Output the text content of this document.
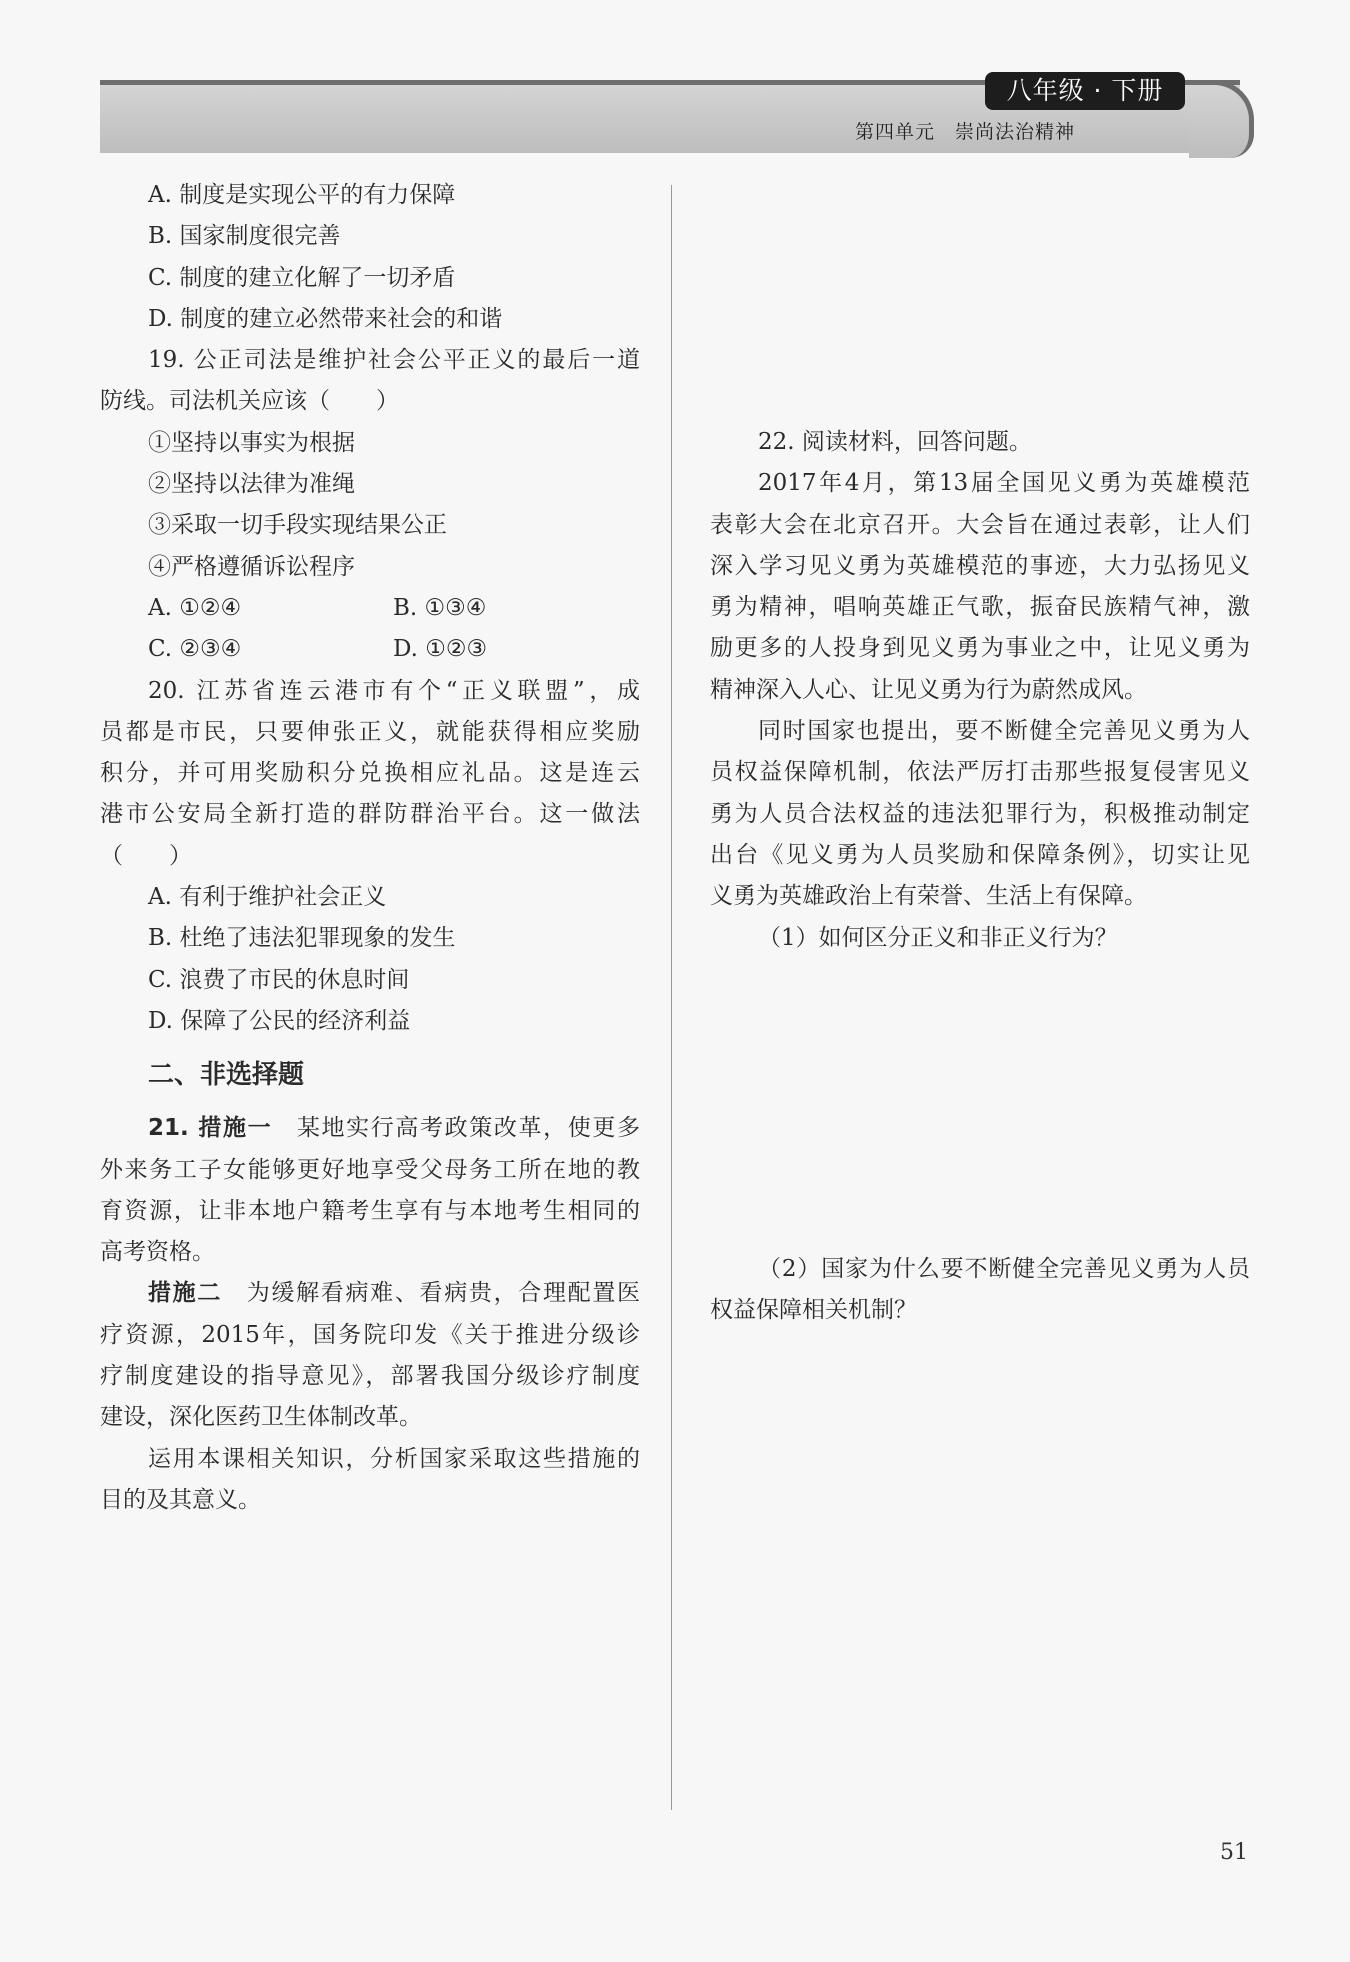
八年级 · 下册
第四单元　崇尚法治精神
A. 制度是实现公平的有力保障
B. 国家制度很完善
C. 制度的建立化解了一切矛盾
D. 制度的建立必然带来社会的和谐
19. 公正司法是维护社会公平正义的最后一道
防线。司法机关应该（　　）
①坚持以事实为根据
②坚持以法律为准绳
③采取一切手段实现结果公正
④严格遵循诉讼程序
A. ①②④	B. ①③④
C. ②③④	D. ①②③
20. 江苏省连云港市有个“正义联盟”，成
员都是市民，只要伸张正义，就能获得相应奖励
积分，并可用奖励积分兑换相应礼品。这是连云
港市公安局全新打造的群防群治平台。这一做法
（　　）
A. 有利于维护社会正义
B. 杜绝了违法犯罪现象的发生
C. 浪费了市民的休息时间
D. 保障了公民的经济利益
二、非选择题
21. 措施一　 某地实行高考政策改革，使更多
外来务工子女能够更好地享受父母务工所在地的教
育资源，让非本地户籍考生享有与本地考生相同的
高考资格。
措施二　 为缓解看病难、看病贵，合理配置医
疗资源，2015年，国务院印发《关于推进分级诊
疗制度建设的指导意见》，部署我国分级诊疗制度
建设，深化医药卫生体制改革。
运用本课相关知识，分析国家采取这些措施的
目的及其意义。
22. 阅读材料，回答问题。
2017年4月，第13届全国见义勇为英雄模范
表彰大会在北京召开。大会旨在通过表彰，让人们
深入学习见义勇为英雄模范的事迹，大力弘扬见义
勇为精神，唱响英雄正气歌，振奋民族精气神，激
励更多的人投身到见义勇为事业之中，让见义勇为
精神深入人心、让见义勇为行为蔚然成风。
同时国家也提出，要不断健全完善见义勇为人
员权益保障机制，依法严厉打击那些报复侵害见义
勇为人员合法权益的违法犯罪行为，积极推动制定
出台《见义勇为人员奖励和保障条例》，切实让见
义勇为英雄政治上有荣誉、生活上有保障。
（1）如何区分正义和非正义行为？
（2）国家为什么要不断健全完善见义勇为人员
权益保障相关机制？
51
